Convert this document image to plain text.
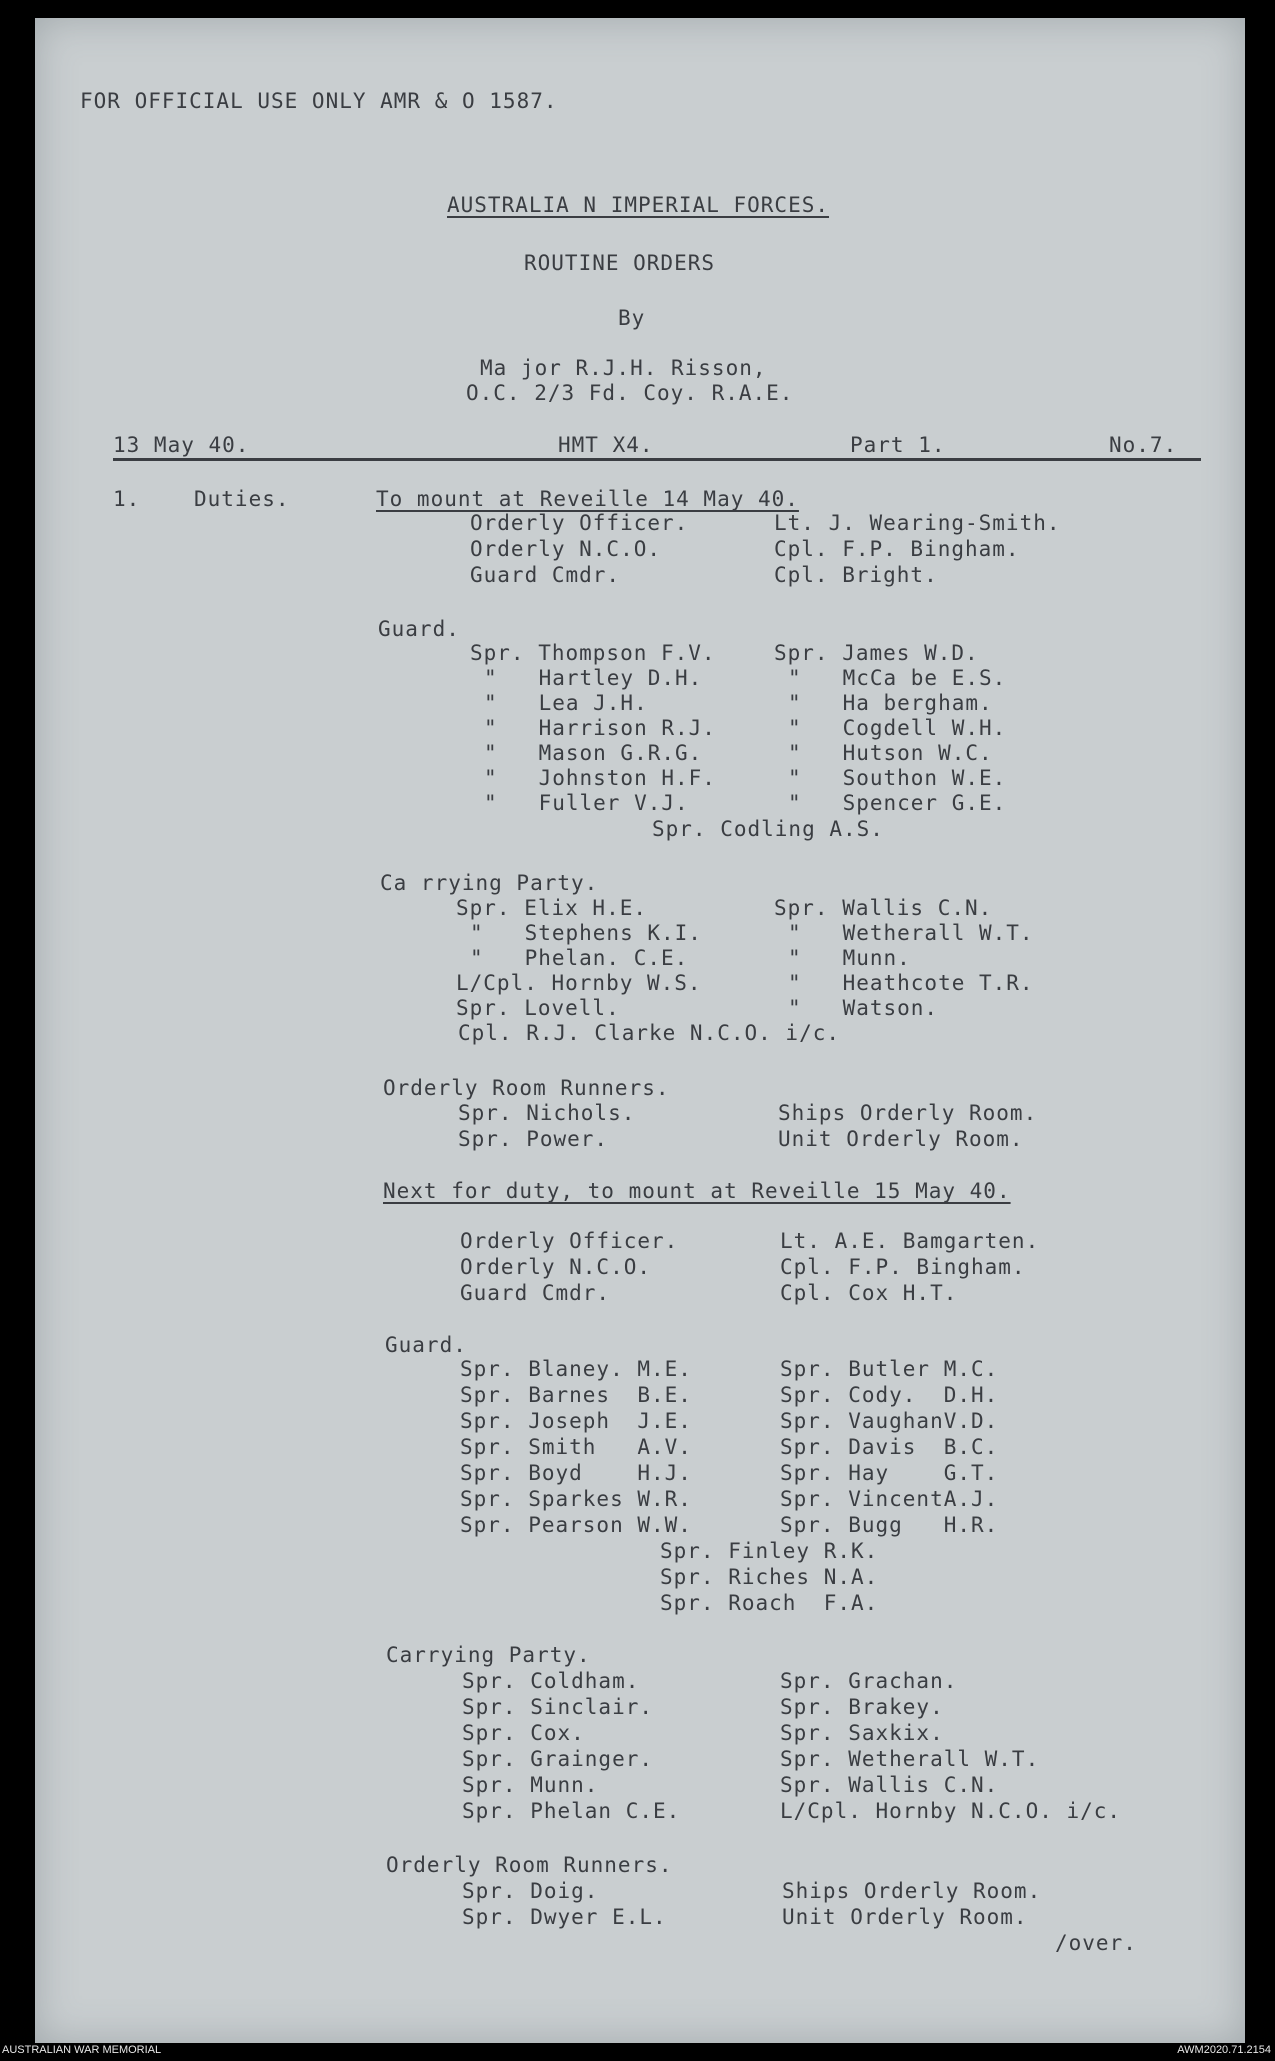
FOR OFFICIAL USE ONLY AMR & O 1587.
AUSTRALIA N IMPERIAL FORCES.
ROUTINE ORDERS
By
Ma jor R.J.H. Risson,
O.C. 2/3 Fd. Coy. R.A.E.
13 May 40.	HMT X4.	Part 1.	No.7.
1.	Duties.	To mount at Reveille 14 May 40.
Orderly Officer.	Lt. J. Wearing-Smith.
Orderly N.C.O.	Cpl. F.P. Bingham.
Guard Cmdr.	Cpl. Bright.
Guard.
Spr. Thompson F.V.	Spr. James W.D.
"   Hartley D.H.	"   McCa be E.S.
"   Lea J.H.	"   Ha bergham.
"   Harrison R.J.	"   Cogdell W.H.
"   Mason G.R.G.	"   Hutson W.C.
"   Johnston H.F.	"   Southon W.E.
"   Fuller V.J.	"   Spencer G.E.
Spr. Codling A.S.
Ca rrying Party.
Spr. Elix H.E.	Spr. Wallis C.N.
"   Stephens K.I.	"   Wetherall W.T.
"   Phelan. C.E.	"   Munn.
L/Cpl. Hornby W.S.	"   Heathcote T.R.
Spr. Lovell.	"   Watson.
Cpl. R.J. Clarke N.C.O. i/c.
Orderly Room Runners.
Spr. Nichols.	Ships Orderly Room.
Spr. Power.	Unit Orderly Room.
Next for duty, to mount at Reveille 15 May 40.
Orderly Officer.	Lt. A.E. Bamgarten.
Orderly N.C.O.	Cpl. F.P. Bingham.
Guard Cmdr.	Cpl. Cox H.T.
Guard.
Spr. Blaney. M.E.	Spr. Butler M.C.
Spr. Barnes  B.E.	Spr. Cody.  D.H.
Spr. Joseph  J.E.	Spr. VaughanV.D.
Spr. Smith   A.V.	Spr. Davis  B.C.
Spr. Boyd    H.J.	Spr. Hay    G.T.
Spr. Sparkes W.R.	Spr. VincentA.J.
Spr. Pearson W.W.	Spr. Bugg   H.R.
Spr. Finley R.K.
Spr. Riches N.A.
Spr. Roach  F.A.
Carrying Party.
Spr. Coldham.	Spr. Grachan.
Spr. Sinclair.	Spr. Brakey.
Spr. Cox.	Spr. Saxkix.
Spr. Grainger.	Spr. Wetherall W.T.
Spr. Munn.	Spr. Wallis C.N.
Spr. Phelan C.E.	L/Cpl. Hornby N.C.O. i/c.
Orderly Room Runners.
Spr. Doig.	Ships Orderly Room.
Spr. Dwyer E.L.	Unit Orderly Room.
/over.
AUSTRALIAN WAR MEMORIAL	AWM2020.71.2154
